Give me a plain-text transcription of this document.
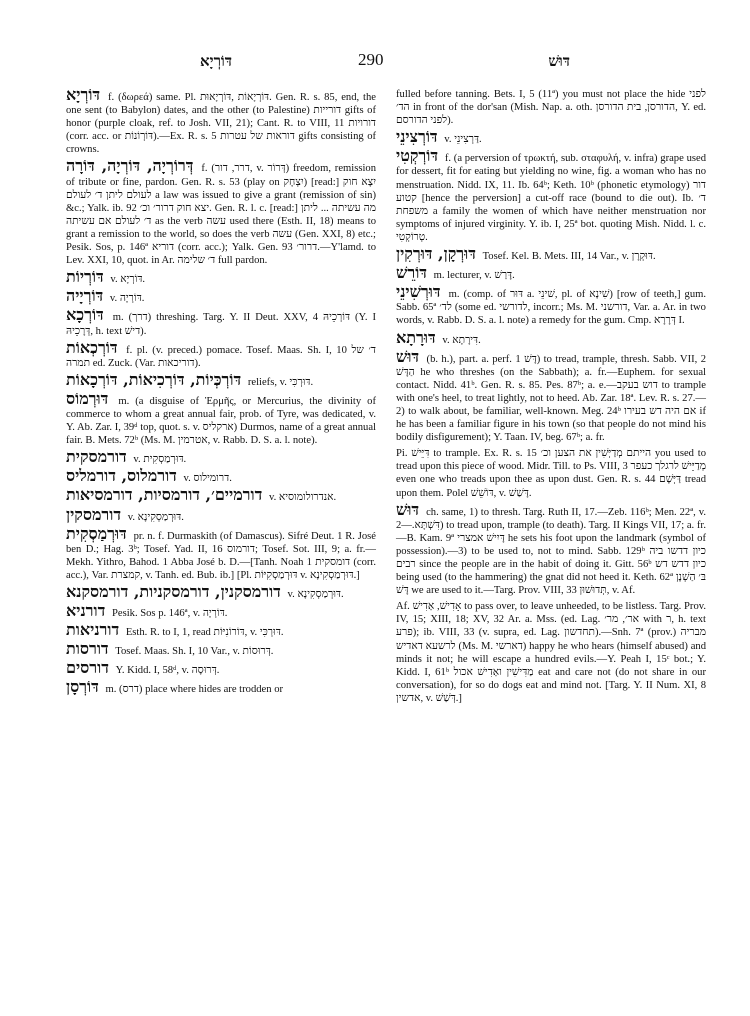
דּוֹרְיָא	290	דּוּשׁ
דּוֹרְיָא f. (δωρεά) same. Pl. דּוֹרְיָאוֹת ,דּוֹרְיָאוּת. Gen. R. s. 85, end, the one sent (to Babylon) dates, and the other (to Palestine) דורייות gifts of honor (purple cloak, ref. to Josh. VII, 21); Cant. R. to VIII, 11 דורויות (corr. acc. or דּוֹרְוֹנוֹת).—Ex. R. s. 5 דוראות של עטרות gifts consisting of crowns.
דְּרוֹרְיָה, דּוֹרְיָה, דּוֹרָה f. (דרר, דור, v. דְּרוֹר) freedom, remission of tribute or fine, pardon. Gen. R. s. 53 (play on יִצְחָק) [read:] יִצָא חוק לעולם ליתן ד׳ לעולם a law was issued to give a grant (remission of sin) &c.; Yalk. ib. 92 יצא חוק דרור׳ וכ׳. Gen. R. l. c. [read:] מה עשיתה ... ליתן ד׳ לעולם אם עשיתה as the verb עשה used there (Esth. II, 18) means to grant a remission to the world, so does the verb עשה (Gen. XXI, 8) etc.; Pesik. Sos, p. 146ª דוריא (corr. acc.); Yalk. Gen. 93 דרור׳.—Y'lamd. to Lev. XXI, 10, quot. in Ar. ד׳ שלימה full pardon.
דּוֹרְיוֹת v. דּוֹרְיָא.
דּוֹרְיָיה v. דּוֹרְיָה.
דּוֹרְכָא m. (דרך) threshing. Targ. Y. II Deut. XXV, 4 דּוֹרְכֵיהּ (Y. I דְּרָכֵיהּ, h. text דישׁ).
דּוֹרְכְאוֹת f. pl. (v. preced.) pomace. Tosef. Maas. Sh. I, 10 ד׳ של תמרה ed. Zuck. (Var. דוריכאות).
דּוֹרְכְּיוֹת, דּוֹרְכִיאוֹת, דּוֹרְכָאוֹת reliefs, v. דּוּרְכִּי.
דּוּרְמוֹס m. (a disguise of Ἑρμῆς, or Mercurius, the divinity of commerce to whom a great annual fair, prob. of Tyre, was dedicated, v. Y. Ab. Zar. I, 39ᵈ top, quot. s. v. ארקליס) Durmos, name of a great annual fair. B. Mets. 72ᵇ (Ms. M. אטרמין, v. Rabb. D. S. a. l. note).
דורמסקית v. דּוּרְמַסְקִית.
דורמלוס, דורמליס v. דרומילוס.
דורמיים׳, דורמסיות, דורמסיאות v. אנדרולומוסיא.
דורמסקין v. דּוּרְמַסְקִינָא.
דּוּרְמַסְקִית pr. n. f. Durmaskith (of Damascus). Sifré Deut. 1 R. José ben D.; Hag. 3ᵇ; Tosef. Yad. II, 16 דורמוס; Tosef. Sot. III, 9; a. fr.—Mekh. Yithro, Bahod. 1 Abba José b. D.—[Tanh. Noah 1 דומסקית (corr. acc.), Var. קמצרת, v. Tanh. ed. Bub. ib.] [Pl. דּוּרְמַסְקִיּוֹת v. דּוּרְמַסְקִינָא.]
דורמסקנין, דורמסקניות, דורמסקנא v. דּוּרְמַסְקִינָא.
דורניא Pesik. Sos p. 146ª, v. דּוֹרְיָה.
דורניאות Esth. R. to I, 1, read דּוֹרוֹנִיּוֹת, v. דּוּרְכִּי.
דורסות Tosef. Maas. Sh. I, 10 Var., v. דְּרוּסוֹת.
דורסים Y. Kidd. I, 58ᵈ, v. דְּרוּסָה.
דּוֹרְסָן m. (דרס) place where hides are trodden or
fulled before tanning. Bets. I, 5 (11ª) you must not place the hide לפני הד׳ in front of the dor'san (Mish. Nap. a. oth. הדורסן, בית הדורסן, Y. ed. לפני הדורסם).
דּוֹרְצִינֵי v. דַּרְצִינֵי.
דּוֹרְקְטִי f. (a perversion of τρωκτή, sub. σταφυλή, v. infra) grape used for dessert, fit for eating but yielding no wine, fig. a woman who has no menstruation. Nidd. IX, 11. Ib. 64ᵇ; Keth. 10ᵇ (phonetic etymology) דור קטוע [hence the perversion] a cut-off race (bound to die out). Ib. ד׳ משפחת a family the women of which have neither menstruation nor symptoms of injured virginity. Y. ib. I, 25ª bot. quoting Mish. Nidd. l. c. טְרוֹקְטִי.
דּוּרְקָן, דּוּרְקִין Tosef. Kel. B. Mets. III, 14 Var., v. דּוּקְרָן.
דּוֹרֵשׁ m. lecturer, v. דָּרַשׁ.
דּוּרְשִׁינֵי m. (comp. of דּוּר a. שׁינֵי, pl. of שִׁינָא) [row of teeth,] gum. Sabb. 65ª לד׳ (some ed. לדורשי, incorr.; Ms. M. דורשני, Var. a. Ar. in two words, v. Rabb. D. S. a. l. note) a remedy for the gum. Cmp. דְּרָרָא I.
דּוּרָתָא v. דִּירָתָא.
דּוּשׁ (b. h.), part. a. perf. דָּשׁ 1) to tread, trample, thresh. Sabb. VII, 2 הַדָּשׁ he who threshes (on the Sabbath); a. fr.—Euphem. for sexual contact. Nidd. 41ᵇ. Gen. R. s. 85. Pes. 87ᵇ; a. e.—דוש בעקב to trample with one's heel, to treat lightly, not to heed. Ab. Zar. 18ª. Lev. R. s. 27.—2) to walk about, be familiar, well-known. Meg. 24ᵇ אם היה דש בעירו if he has been a familiar figure in his town (so that people do not mind his bodily disfigurement); Y. Taan. IV, beg. 67ᵇ; a. fr.
Pi. דִּיֵּישׁ to trample. Ex. R. s. 15 הייתם מְדַיְּשִׁין את הצען וכ׳ you used to tread upon this piece of wood. Midr. Till. to Ps. VIII, 3 מְדַיֵּישׁ לרגלך כעפר even one who treads upon thee as upon dust. Gen. R. s. 44 דַּיְּשָׁם tread upon them. Polel דּוֹשֵׁשׁ, v. דָּשַׁשׁ.
דּוּשׁ ch. same, 1) to thresh. Targ. Ruth II, 17.—Zeb. 116ᵇ; Men. 22ª, v. דִּשְׁתָּא.—2) to tread upon, trample (to death). Targ. II Kings VII, 17; a. fr.—B. Kam. 9ª דָּיִישׁ אמצרי he sets his foot upon the landmark (symbol of possession).—3) to be used to, not to mind. Sabb. 129ᵇ כיון דדשו ביה רבים since the people are in the habit of doing it. Gitt. 56ᵇ כיון דדש דש being used (to the hammering) the gnat did not heed it. Keth. 62ª בּ׳ הַשְׁנָן דָּשׁ we are used to it.—Targ. Prov. VIII, 33 תְּדוּשׁוּן, v. Af.
Af. אָדִישׁ, אַדִישׁ to pass over, to leave unheeded, to be listless. Targ. Prov. IV, 15; XIII, 18; XV, 32 Ar. a. Mss. (ed. Lag. אר׳, מר׳ with ר, h. text פרע); ib. VIII, 33 (v. supra, ed. Lag. תחדשון).—Snh. 7ª (prov.) מבריה לרשעא דאדיש (Ms. M. דארשי) happy he who hears (himself abused) and minds it not; he will escape a hundred evils.—Y. Peah I, 15ᶜ bot.; Y. Kidd. I, 61ᵇ מַדִּישִׁין ואַדִישׁ אכול eat and care not (do not share in our conversation), for so do dogs eat and mind not. [Targ. Y. II Num. XI, 8 אדשין, v. דְּשַׁשׁ.]
